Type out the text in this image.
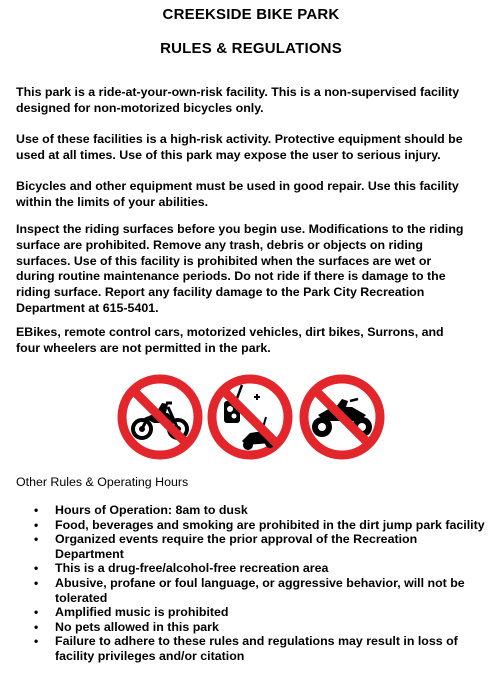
CREEKSIDE BIKE PARK
RULES & REGULATIONS
This park is a ride-at-your-own-risk facility. This is a non-supervised facility
designed for non-motorized bicycles only.
Use of these facilities is a high-risk activity. Protective equipment should be
used at all times. Use of this park may expose the user to serious injury.
Bicycles and other equipment must be used in good repair. Use this facility
within the limits of your abilities.
Inspect the riding surfaces before you begin use. Modifications to the riding
surface are prohibited. Remove any trash, debris or objects on riding
surfaces. Use of this facility is prohibited when the surfaces are wet or
during routine maintenance periods. Do not ride if there is damage to the
riding surface. Report any facility damage to the Park City Recreation
Department at 615-5401.
EBikes, remote control cars, motorized vehicles, dirt bikes, Surrons, and
four wheelers are not permitted in the park.
Other Rules & Operating Hours
• Hours of Operation: 8am to dusk
• Food, beverages and smoking are prohibited in the dirt jump park facility
• Organized events require the prior approval of the Recreation Department
• This is a drug-free/alcohol-free recreation area
• Abusive, profane or foul language, or aggressive behavior, will not be tolerated
• Amplified music is prohibited
• No pets allowed in this park
• Failure to adhere to these rules and regulations may result in loss of facility privileges and/or citation
